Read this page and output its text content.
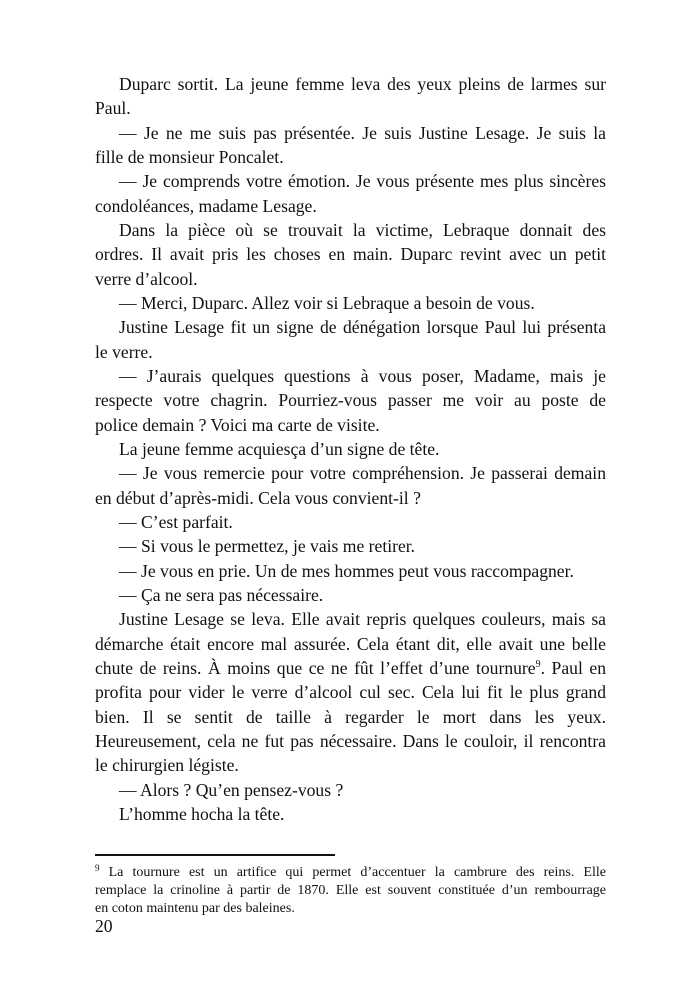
Duparc sortit. La jeune femme leva des yeux pleins de larmes sur
Paul.
— Je ne me suis pas présentée. Je suis Justine Lesage. Je suis la
fille de monsieur Poncalet.
— Je comprends votre émotion. Je vous présente mes plus sincères
condoléances, madame Lesage.
Dans la pièce où se trouvait la victime, Lebraque donnait des
ordres. Il avait pris les choses en main. Duparc revint avec un petit
verre d’alcool.
— Merci, Duparc. Allez voir si Lebraque a besoin de vous.
Justine Lesage fit un signe de dénégation lorsque Paul lui présenta
le verre.
— J’aurais quelques questions à vous poser, Madame, mais je
respecte votre chagrin. Pourriez-vous passer me voir au poste de
police demain ? Voici ma carte de visite.
La jeune femme acquiesça d’un signe de tête.
— Je vous remercie pour votre compréhension. Je passerai demain
en début d’après-midi. Cela vous convient-il ?
— C’est parfait.
— Si vous le permettez, je vais me retirer.
— Je vous en prie. Un de mes hommes peut vous raccompagner.
— Ça ne sera pas nécessaire.
Justine Lesage se leva. Elle avait repris quelques couleurs, mais sa
démarche était encore mal assurée. Cela étant dit, elle avait une belle
chute de reins. À moins que ce ne fût l’effet d’une tournure$^9$. Paul en
profita pour vider le verre d’alcool cul sec. Cela lui fit le plus grand
bien. Il se sentit de taille à regarder le mort dans les yeux.
Heureusement, cela ne fut pas nécessaire. Dans le couloir, il rencontra
le chirurgien légiste.
— Alors ? Qu’en pensez-vous ?
L’homme hocha la tête.
$^9$ La tournure est un artifice qui permet d’accentuer la cambrure des reins. Elle
remplace la crinoline à partir de 1870. Elle est souvent constituée d’un rembourrage
en coton maintenu par des baleines.
20
